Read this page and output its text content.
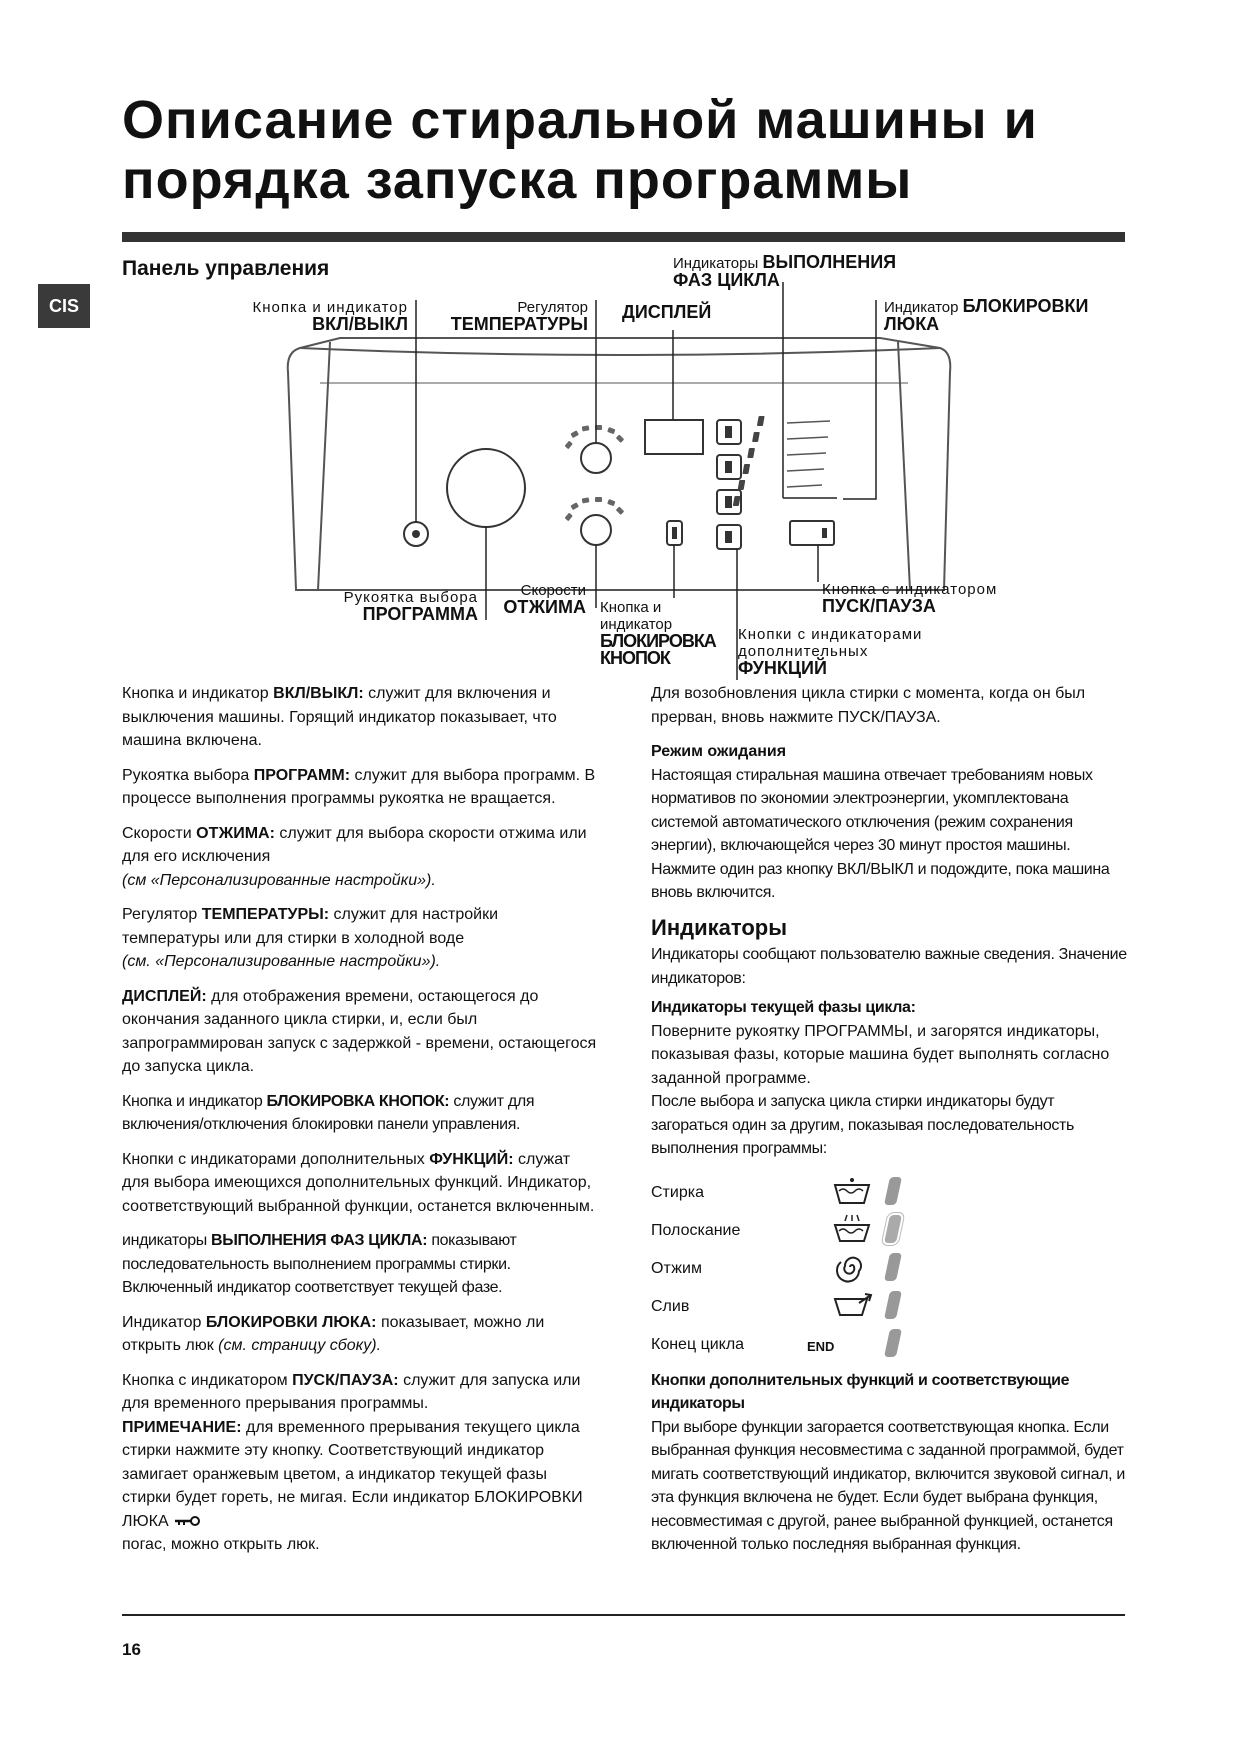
Описание стиральной машины и
порядка запуска программы
CIS
Панель управления
Кнопка и индикатор
ВКЛ/ВЫКЛ
Регулятор
ТЕМПЕРАТУРЫ
ДИСПЛЕЙ
Индикаторы ВЫПОЛНЕНИЯ
ФАЗ ЦИКЛА
Индикатор БЛОКИРОВКИ
ЛЮКА
Рукоятка выбора
ПРОГРАММА
Скорости
ОТЖИМА Кнопка и индикатор
БЛОКИРОВКА КНОПОК
Кнопки с индикаторами дополнительных
ФУНКЦИЙ
Кнопка с индикатором
ПУСК/ПАУЗА

Кнопка и индикатор ВКЛ/ВЫКЛ: служит для включения и выключения машины. Горящий индикатор показывает, что машина включена.

Рукоятка выбора ПРОГРАММ: служит для выбора программ. В процессе выполнения программы рукоятка не вращается.

Скорости ОТЖИМА: служит для выбора скорости отжима или для его исключения
(см «Персонализированные настройки»).

Регулятор ТЕМПЕРАТУРЫ: служит для настройки температуры или для стирки в холодной воде
(см. «Персонализированные настройки»).

ДИСПЛЕЙ: для отображения времени, остающегося до окончания заданного цикла стирки, и, если был запрограммирован запуск с задержкой - времени, остающегося до запуска цикла.

Кнопка и индикатор БЛОКИРОВКА КНОПОК: служит для включения/отключения блокировки панели управления.

Кнопки с индикаторами дополнительных ФУНКЦИЙ: служат для выбора имеющихся дополнительных функций. Индикатор, соответствующий выбранной функции, останется включенным.

индикаторы ВЫПОЛНЕНИЯ ФАЗ ЦИКЛА: показывают последовательность выполнением программы стирки. Включенный индикатор соответствует текущей фазе.

Индикатор БЛОКИРОВКИ ЛЮКА: показывает, можно ли открыть люк (см. страницу сбоку).

Кнопка с индикатором ПУСК/ПАУЗА: служит для запуска или для временного прерывания программы.
ПРИМЕЧАНИЕ: для временного прерывания текущего цикла стирки нажмите эту кнопку. Соответствующий индикатор замигает оранжевым цветом, а индикатор текущей фазы стирки будет гореть, не мигая. Если индикатор БЛОКИРОВКИ ЛЮКА
погас, можно открыть люк.

Для возобновления цикла стирки с момента, когда он был прерван, вновь нажмите ПУСК/ПАУЗА.

Режим ожидания

Настоящая стиральная машина отвечает требованиям новых нормативов по экономии электроэнергии, укомплектована системой автоматического отключения (режим сохранения энергии), включающейся через 30 минут простоя машины. Нажмите один раз кнопку ВКЛ/ВЫКЛ и подождите, пока машина вновь включится.

Индикаторы

Индикаторы сообщают пользователю важные сведения. Значение индикаторов:

Индикаторы текущей фазы цикла:

Поверните рукоятку ПРОГРАММЫ, и загорятся индикаторы, показывая фазы, которые машина будет выполнять согласно заданной программе.

После выбора и запуска цикла стирки индикаторы будут загораться один за другим, показывая последовательность выполнения программы:

Стирка
Полоскание
Отжим
Слив
Конец цикла	END
Кнопки дополнительных функций и соответствующие индикаторы

При выборе функции загорается соответствующая кнопка. Если выбранная функция несовместима с заданной программой, будет мигать соответствующий индикатор, включится звуковой сигнал, и эта функция включена не будет. Если будет выбрана функция, несовместимая с другой, ранее выбранной функцией, останется включенной только последняя выбранная функция.

16
